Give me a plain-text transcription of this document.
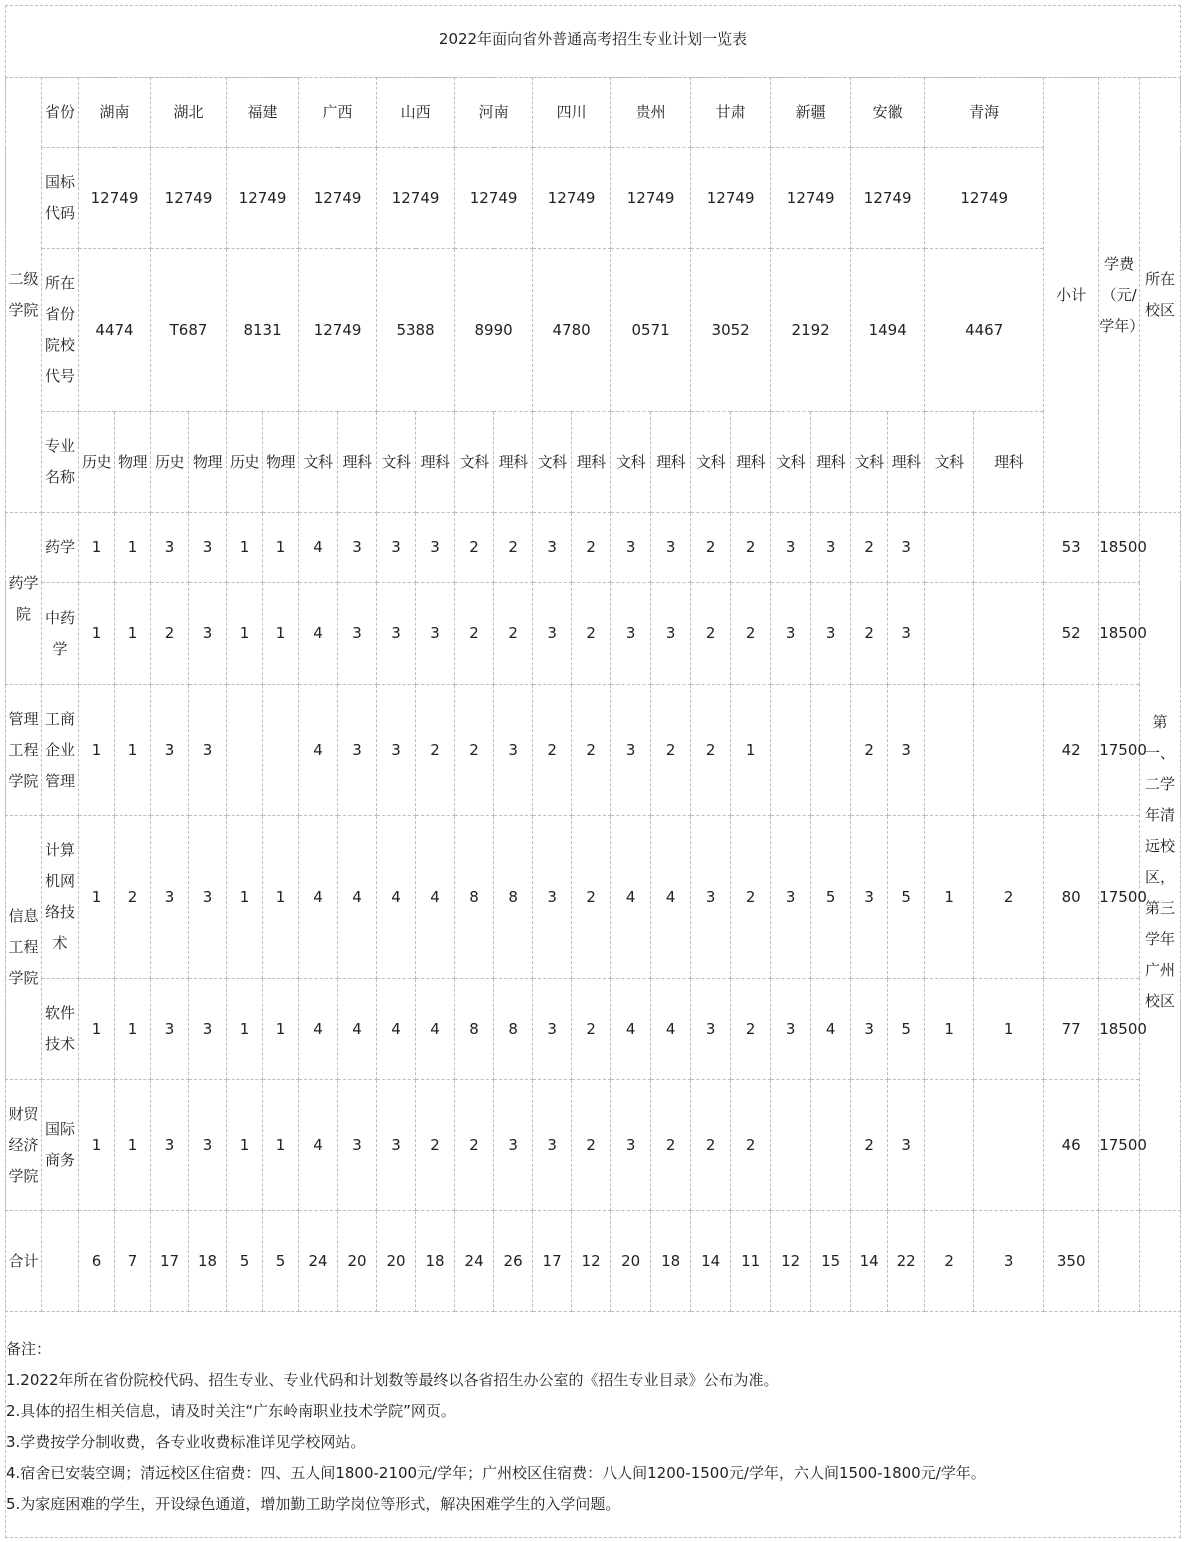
2022年面向省外普通高考招生专业计划一览表
二级学院	省份	湖南		湖北		福建		广西		山西		河南		四川		贵州		甘肃		新疆		安徽		青海		小计	学费（元/学年）	所在校区
	国标代码	12749		12749		12749		12749		12749		12749		12749		12749		12749		12749		12749		12749				
	所在省份院校代号	4474		T687		8131		12749		5388		8990		4780		0571		3052		2192		1494		4467				
	专业名称	历史	物理	历史	物理	历史	物理	文科	理科	文科	理科	文科	理科	文科	理科	文科	理科	文科	理科	文科	理科	文科	理科	文科	理科			
药学院	药学	1	1	3	3	1	1	4	3	3	3	2	2	3	2	3	3	2	2	3	3	2	3			53	18500	第一、二学年清远校区，第三学年广州校区
	中药学	1	1	2	3	1	1	4	3	3	3	2	2	3	2	3	3	2	2	3	3	2	3			52	18500	
管理工程学院	工商企业管理	1	1	3	3			4	3	3	2	2	3	2	2	3	2	2	1			2	3			42	17500	
信息工程学院	计算机网络技术	1	2	3	3	1	1	4	4	4	4	8	8	3	2	4	4	3	2	3	5	3	5	1	2	80	17500	
	软件技术	1	1	3	3	1	1	4	4	4	4	8	8	3	2	4	4	3	2	3	4	3	5	1	1	77	18500	
财贸经济学院	国际商务	1	1	3	3	1	1	4	3	3	2	2	3	3	2	3	2	2	2			2	3			46	17500	
合计		6	7	17	18	5	5	24	20	20	18	24	26	17	12	20	18	14	11	12	15	14	22	2	3	350		
备注：
1.2022年所在省份院校代码、招生专业、专业代码和计划数等最终以各省招生办公室的《招生专业目录》公布为准。
2.具体的招生相关信息，请及时关注“广东岭南职业技术学院”网页。
3.学费按学分制收费，各专业收费标准详见学校网站。
4.宿舍已安装空调；清远校区住宿费：四、五人间1800-2100元/学年；广州校区住宿费：八人间1200-1500元/学年，六人间1500-1800元/学年。
5.为家庭困难的学生，开设绿色通道，增加勤工助学岗位等形式，解决困难学生的入学问题。
